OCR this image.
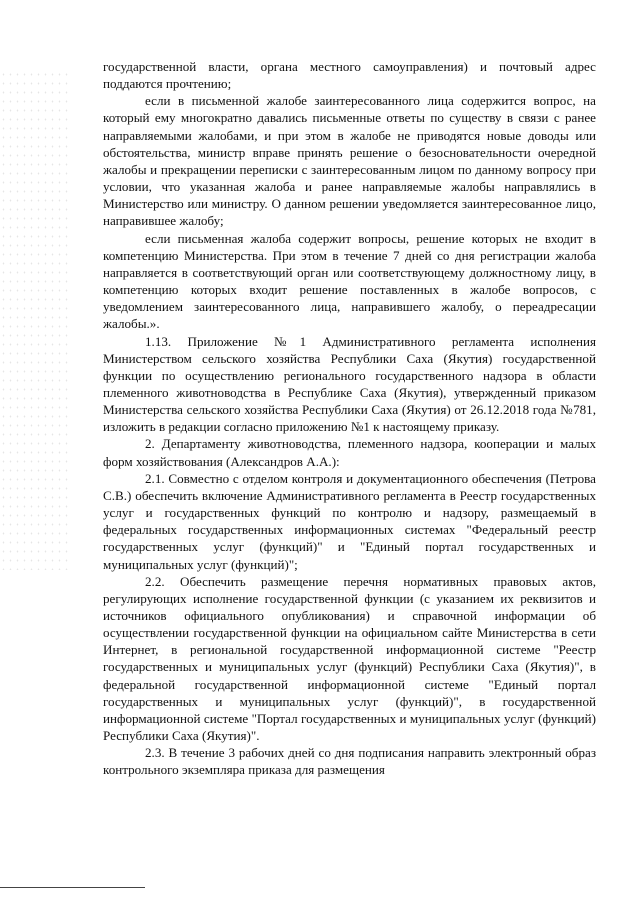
государственной власти, органа местного самоуправления) и почтовый адрес поддаются прочтению;

если в письменной жалобе заинтересованного лица содержится вопрос, на который ему многократно давались письменные ответы по существу в связи с ранее направляемыми жалобами, и при этом в жалобе не приводятся новые доводы или обстоятельства, министр вправе принять решение о безосновательности очередной жалобы и прекращении переписки с заинтересованным лицом по данному вопросу при условии, что указанная жалоба и ранее направляемые жалобы направлялись в Министерство или министру. О данном решении уведомляется заинтересованное лицо, направившее жалобу;

если письменная жалоба содержит вопросы, решение которых не входит в компетенцию Министерства. При этом в течение 7 дней со дня регистрации жалоба направляется в соответствующий орган или соответствующему должностному лицу, в компетенцию которых входит решение поставленных в жалобе вопросов, с уведомлением заинтересованного лица, направившего жалобу, о переадресации жалобы.».

1.13. Приложение №1 Административного регламента исполнения Министерством сельского хозяйства Республики Саха (Якутия) государственной функции по осуществлению регионального государственного надзора в области племенного животноводства в Республике Саха (Якутия), утвержденный приказом Министерства сельского хозяйства Республики Саха (Якутия) от 26.12.2018 года №781, изложить в редакции согласно приложению №1 к настоящему приказу.

2. Департаменту животноводства, племенного надзора, кооперации и малых форм хозяйствования (Александров А.А.):

2.1. Совместно с отделом контроля и документационного обеспечения (Петрова С.В.) обеспечить включение Административного регламента в Реестр государственных услуг и государственных функций по контролю и надзору, размещаемый в федеральных государственных информационных системах "Федеральный реестр государственных услуг (функций)" и "Единый портал государственных и муниципальных услуг (функций)";

2.2. Обеспечить размещение перечня нормативных правовых актов, регулирующих исполнение государственной функции (с указанием их реквизитов и источников официального опубликования) и справочной информации об осуществлении государственной функции на официальном сайте Министерства в сети Интернет, в региональной государственной информационной системе "Реестр государственных и муниципальных услуг (функций) Республики Саха (Якутия)", в федеральной государственной информационной системе "Единый портал государственных и муниципальных услуг (функций)", в государственной информационной системе "Портал государственных и муниципальных услуг (функций) Республики Саха (Якутия)".

2.3. В течение 3 рабочих дней со дня подписания направить электронный образ контрольного экземпляра приказа для размещения
